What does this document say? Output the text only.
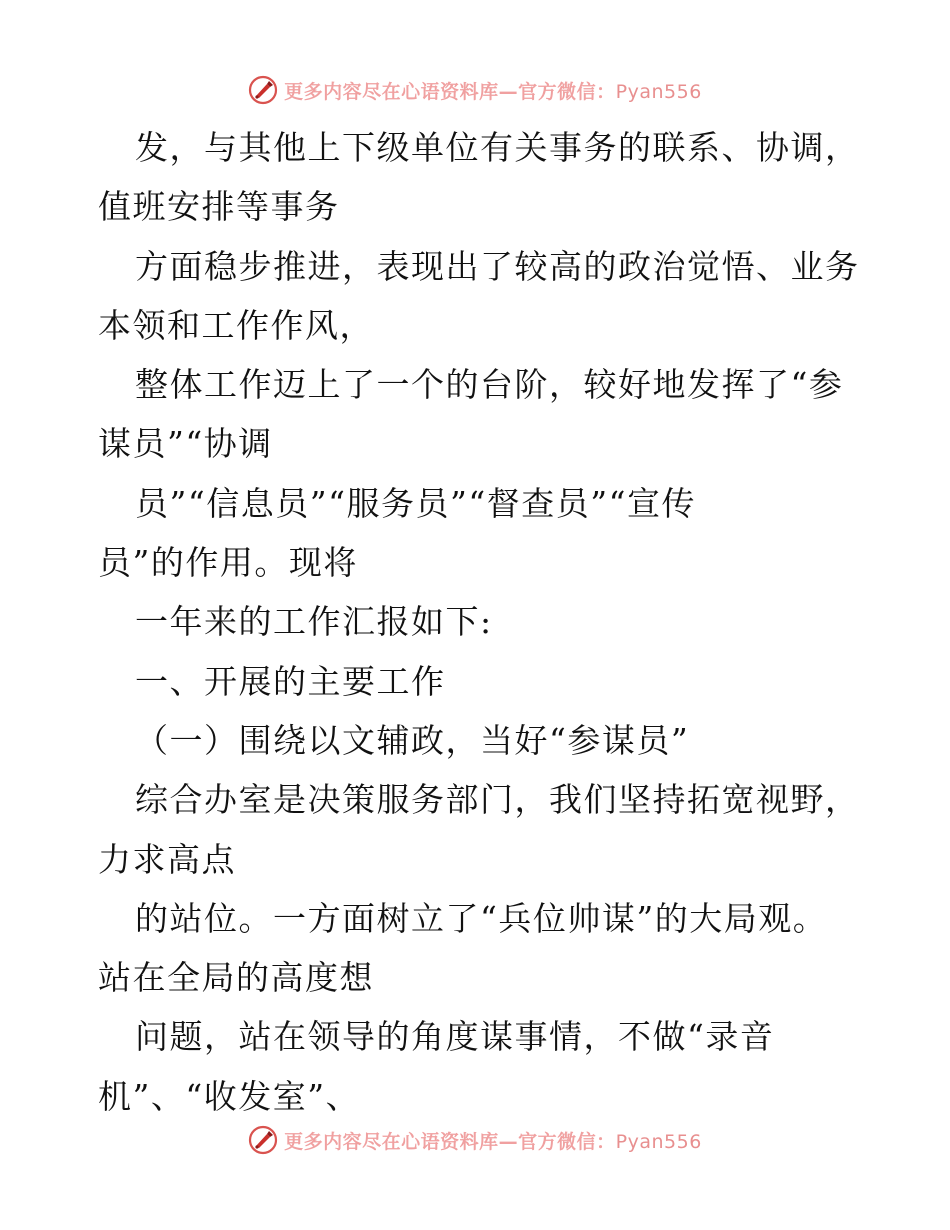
更多内容尽在心语资料库—官方微信：Pyan556
发，与其他上下级单位有关事务的联系、协调，
值班安排等事务
方面稳步推进，表现出了较高的政治觉悟、业务
本领和工作作风，
整体工作迈上了一个的台阶，较好地发挥了“参
谋员”“协调
员”“信息员”“服务员”“督查员”“宣传
员”的作用。现将
一年来的工作汇报如下:
一、开展的主要工作
（一）围绕以文辅政，当好“参谋员”
综合办室是决策服务部门，我们坚持拓宽视野，
力求高点
的站位。一方面树立了“兵位帅谋”的大局观。
站在全局的高度想
问题，站在领导的角度谋事情，不做“录音
机”、“收发室”、
更多内容尽在心语资料库—官方微信：Pyan556
